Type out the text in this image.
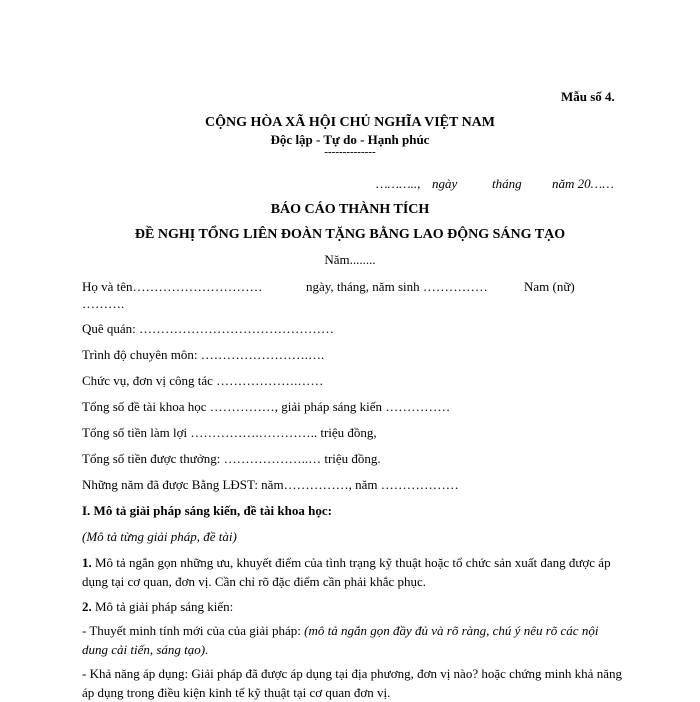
Mẫu số 4.
CỘNG HÒA XÃ HỘI CHỦ NGHĨA VIỆT NAM
Độc lập - Tự do - Hạnh phúc
--------------
……….., ngày	tháng năm 20……
BÁO CÁO THÀNH TÍCH
ĐỀ NGHỊ TỔNG LIÊN ĐOÀN TẶNG BẰNG LAO ĐỘNG SÁNG TẠO
Năm........
Họ và tên…………………………	ngày, tháng, năm sinh ……………	Nam (nữ)
……….
Quê quán: ………………………………………
Trình độ chuyên môn: …………………….….
Chức vụ, đơn vị công tác ……………….……
Tổng số đề tài khoa học ……………, giải pháp sáng kiến ……………
Tổng số tiền làm lợi …………….………….. triệu đồng,
Tổng số tiền được thưởng: ………………..… triệu đồng.
Những năm đã được Bằng LĐST: năm……………, năm ………………
I. Mô tả giải pháp sáng kiến, đề tài khoa học:
(Mô tả từng giải pháp, đề tài)
1. Mô tả ngắn gọn những ưu, khuyết điểm của tình trạng kỹ thuật hoặc tổ chức sản xuất đang được áp dụng tại cơ quan, đơn vị. Cần chỉ rõ đặc điểm cần phải khắc phục.
2. Mô tả giải pháp sáng kiến:
- Thuyết minh tính mới của của giải pháp: (mô tả ngắn gọn đầy đủ và rõ ràng, chú ý nêu rõ các nội dung cải tiến, sáng tạo).
- Khả năng áp dụng: Giải pháp đã được áp dụng tại địa phương, đơn vị nào? hoặc chứng minh khả năng áp dụng trong điều kiện kinh tế kỹ thuật tại cơ quan đơn vị.
